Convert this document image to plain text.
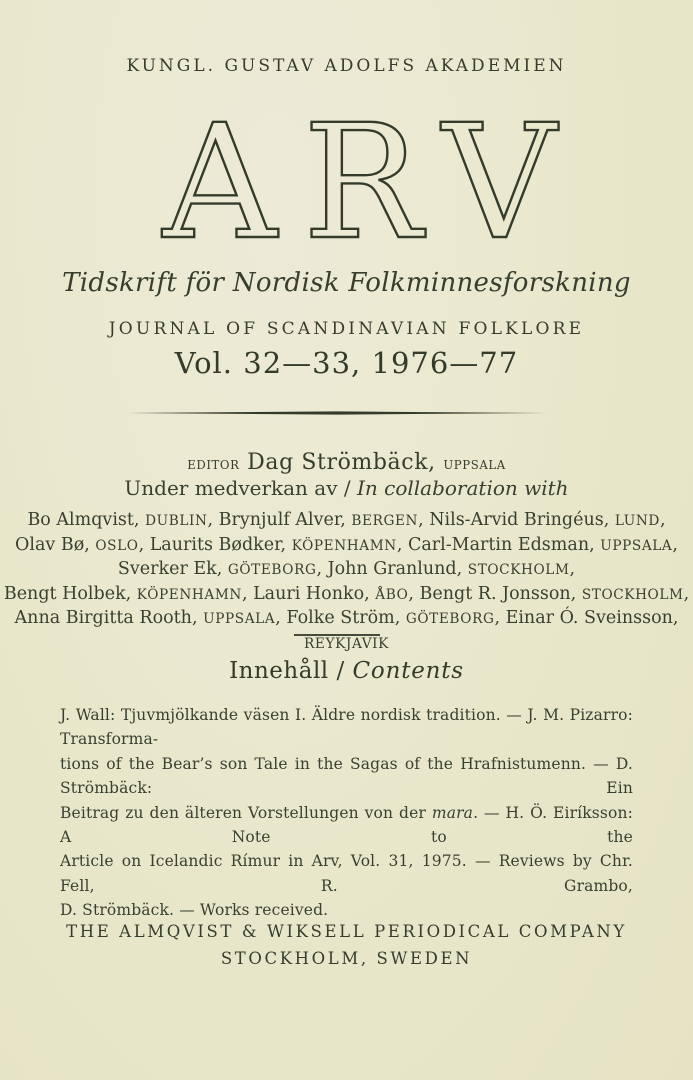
KUNGL. GUSTAV ADOLFS AKADEMIEN
ARV
Tidskrift för Nordisk Folkminnesforskning
JOURNAL OF SCANDINAVIAN FOLKLORE
Vol. 32—33, 1976—77
EDITOR Dag Strömbäck, UPPSALA
Under medverkan av / In collaboration with
Bo Almqvist, DUBLIN, Brynjulf Alver, BERGEN, Nils-Arvid Bringéus, LUND,
Olav Bø, OSLO, Laurits Bødker, KÖPENHAMN, Carl-Martin Edsman, UPPSALA,
Sverker Ek, GÖTEBORG, John Granlund, STOCKHOLM,
Bengt Holbek, KÖPENHAMN, Lauri Honko, ÅBO, Bengt R. Jonsson, STOCKHOLM,
Anna Birgitta Rooth, UPPSALA, Folke Ström, GÖTEBORG, Einar Ó. Sveinsson, REYKJAVIK
Innehåll / Contents
J. Wall: Tjuvmjölkande väsen I. Äldre nordisk tradition. — J. M. Pizarro: Transforma-
tions of the Bear’s son Tale in the Sagas of the Hrafnistumenn. — D. Strömbäck: Ein
Beitrag zu den älteren Vorstellungen von der mara. — H. Ö. Eiríksson: A Note to the
Article on Icelandic Rímur in Arv, Vol. 31, 1975. — Reviews by Chr. Fell, R. Grambo,
D. Strömbäck. — Works received.
THE ALMQVIST & WIKSELL PERIODICAL COMPANY
STOCKHOLM, SWEDEN
